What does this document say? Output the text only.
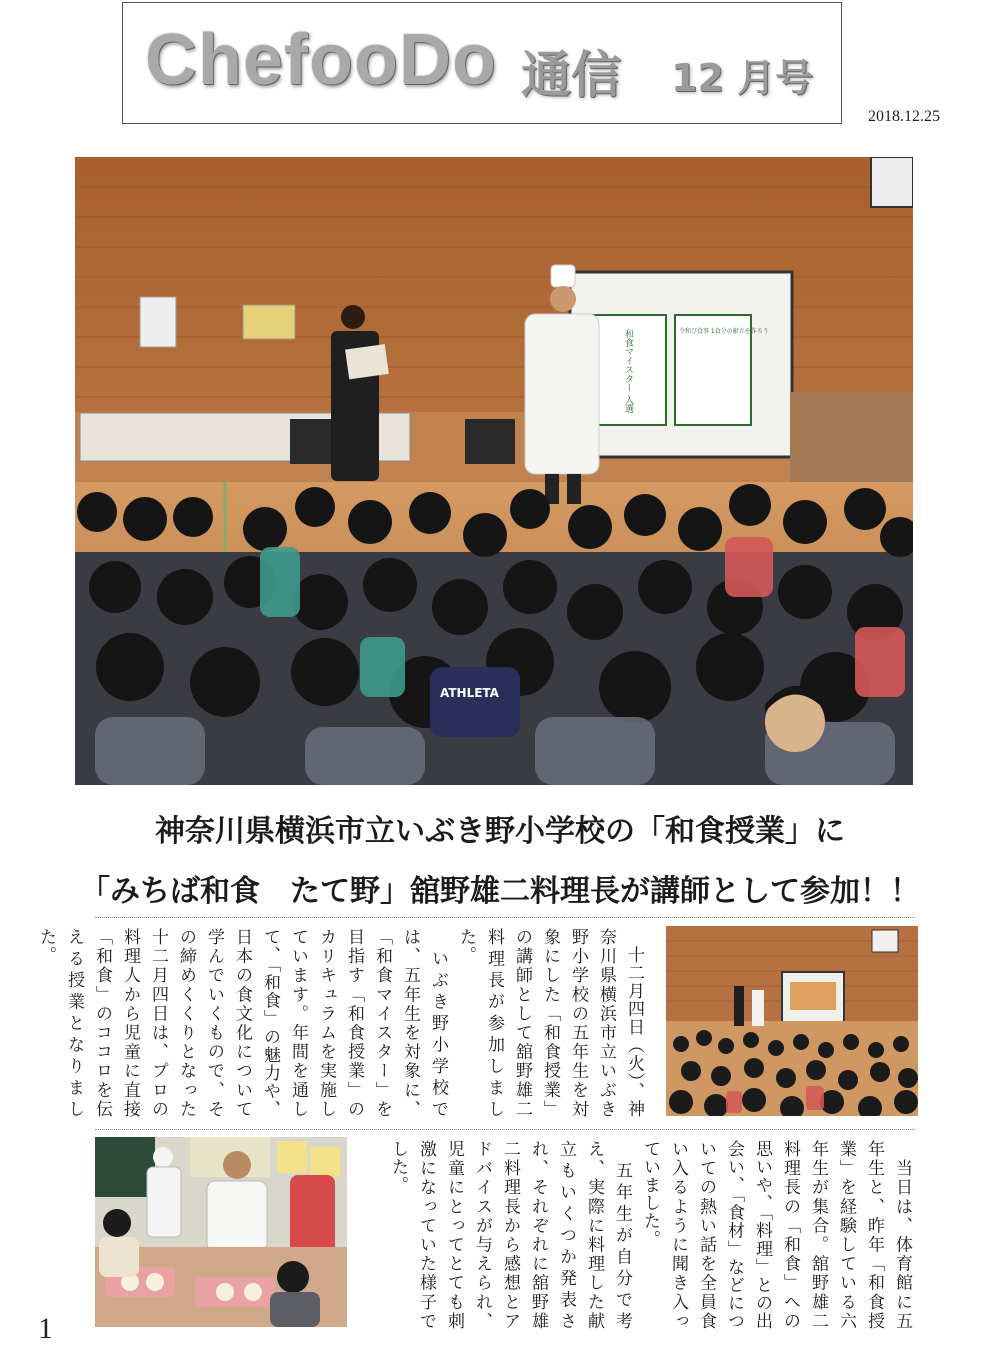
ChefooDo 通信 12 月号
2018.12.25
和食マイスター 入選	令和び食事 1食分の献立を作ろう
ATHLETA
神奈川県横浜市立いぶき野小学校の「和食授業」に
「みちば和食　たて野」舘野雄二料理長が講師として参加！！
　十二月四日（火）、神奈川県横浜市立いぶき野小学校の五年生を対象にした「和食授業」の講師として舘野雄二料理長が参加しました。
　いぶき野小学校では、五年生を対象に、「和食マイスター」を目指す「和食授業」のカリキュラムを実施しています。年間を通して、「和食」の魅力や、日本の食文化について学んでいくもので、その締めくくりとなった十二月四日は、プロの料理人から児童に直接「和食」のココロを伝える授業となりました。
　当日は、体育館に五年生と、昨年「和食授業」を経験している六年生が集合。舘野雄二料理長の「和食」への思いや、「料理」との出会い、「食材」などについての熱い話を全員食い入るように聞き入っていました。
　五年生が自分で考え、実際に料理した献立もいくつか発表され、それぞれに舘野雄二料理長から感想とアドバイスが与えられ、児童にとってとても刺激になっていた様子でした。
1
